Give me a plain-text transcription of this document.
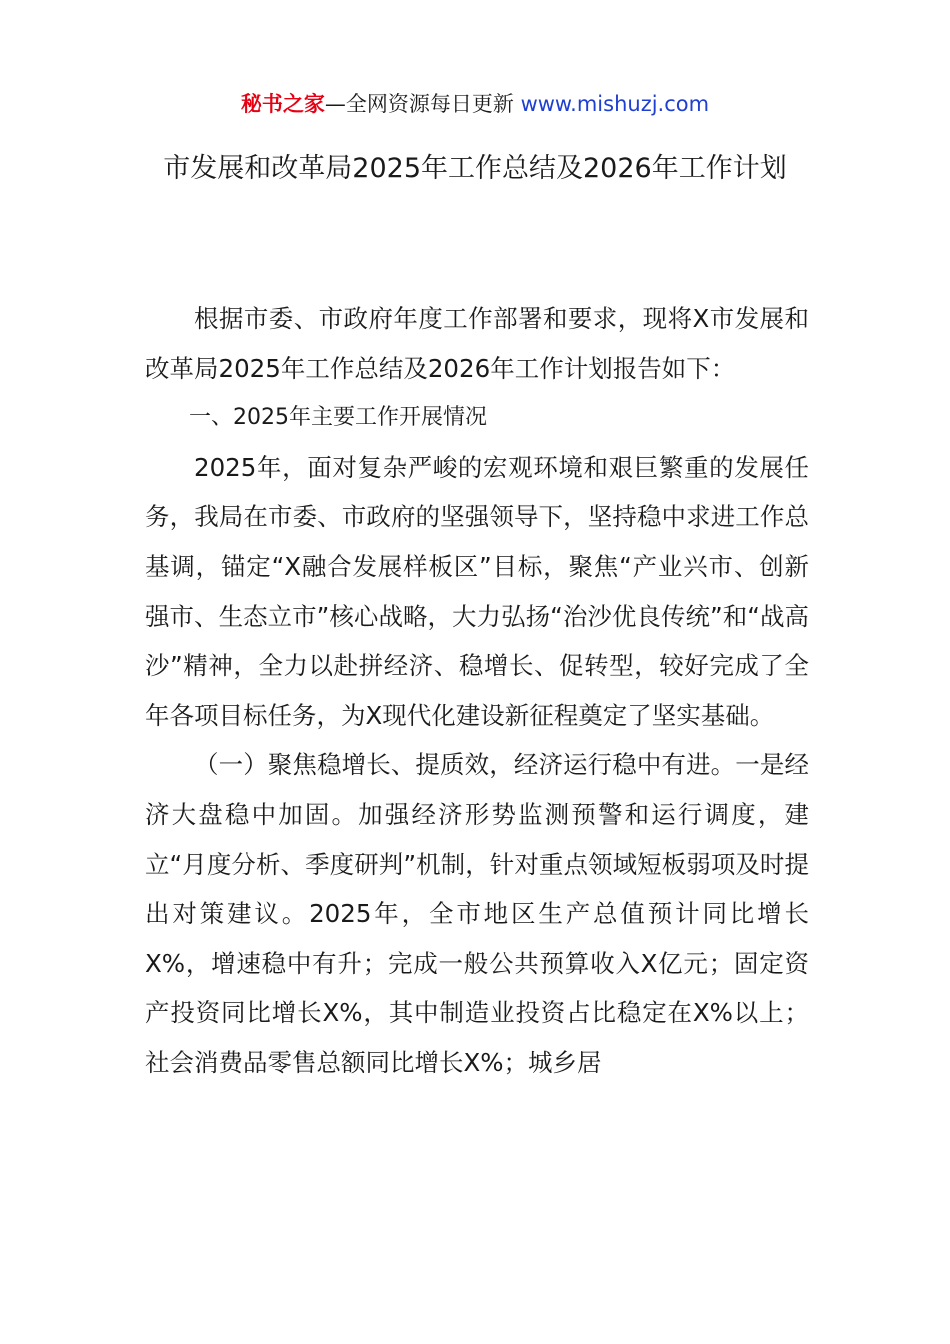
秘书之家—全网资源每日更新 www.mishuzj.com
市发展和改革局2025年工作总结及2026年工作计划

根据市委、市政府年度工作部署和要求，现将X市发展和改革局2025年工作总结及2026年工作计划报告如下：

一、2025年主要工作开展情况

2025年，面对复杂严峻的宏观环境和艰巨繁重的发展任务，我局在市委、市政府的坚强领导下，坚持稳中求进工作总基调，锚定“X融合发展样板区”目标，聚焦“产业兴市、创新强市、生态立市”核心战略，大力弘扬“治沙优良传统”和“战高沙”精神，全力以赴拼经济、稳增长、促转型，较好完成了全年各项目标任务，为X现代化建设新征程奠定了坚实基础。

（一）聚焦稳增长、提质效，经济运行稳中有进。一是经济大盘稳中加固。加强经济形势监测预警和运行调度，建立“月度分析、季度研判”机制，针对重点领域短板弱项及时提出对策建议。2025年，全市地区生产总值预计同比增长X%，增速稳中有升；完成一般公共预算收入X亿元；固定资产投资同比增长X%，其中制造业投资占比稳定在X%以上；社会消费品零售总额同比增长X%；城乡居
